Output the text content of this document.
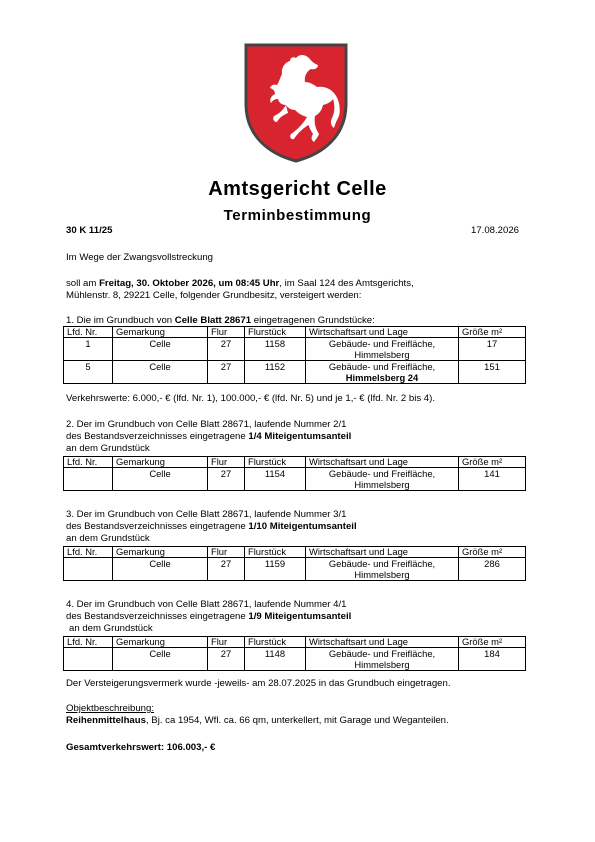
Amtsgericht Celle
Terminbestimmung
30 K 11/25	17.08.2026
Im Wege der Zwangsvollstreckung
soll am Freitag, 30. Oktober 2026, um 08:45 Uhr, im Saal 124 des Amtsgerichts,
Mühlenstr. 8, 29221 Celle, folgender Grundbesitz, versteigert werden:
1. Die im Grundbuch von Celle Blatt 28671 eingetragenen Grundstücke:
Lfd. Nr.	Gemarkung	Flur	Flurstück	Wirtschaftsart und Lage	Größe m²
1	Celle	27	1158	Gebäude- und Freifläche,
Himmelsberg	17
5	Celle	27	1152	Gebäude- und Freifläche,
Himmelsberg 24	151
Verkehrswerte: 6.000,- € (lfd. Nr. 1), 100.000,- € (lfd. Nr. 5) und je 1,- € (lfd. Nr. 2 bis 4).
2. Der im Grundbuch von Celle Blatt 28671, laufende Nummer 2/1
des Bestandsverzeichnisses eingetragene 1/4 Miteigentumsanteil
an dem Grundstück
Lfd. Nr.	Gemarkung	Flur	Flurstück	Wirtschaftsart und Lage	Größe m²
	Celle	27	1154	Gebäude- und Freifläche,
Himmelsberg	141
3. Der im Grundbuch von Celle Blatt 28671, laufende Nummer 3/1
des Bestandsverzeichnisses eingetragene 1/10 Miteigentumsanteil
an dem Grundstück
Lfd. Nr.	Gemarkung	Flur	Flurstück	Wirtschaftsart und Lage	Größe m²
	Celle	27	1159	Gebäude- und Freifläche,
Himmelsberg	286
4. Der im Grundbuch von Celle Blatt 28671, laufende Nummer 4/1
des Bestandsverzeichnisses eingetragene 1/9 Miteigentumsanteil
an dem Grundstück
Lfd. Nr.	Gemarkung	Flur	Flurstück	Wirtschaftsart und Lage	Größe m²
	Celle	27	1148	Gebäude- und Freifläche,
Himmelsberg	184
Der Versteigerungsvermerk wurde -jeweils- am 28.07.2025 in das Grundbuch eingetragen.
Objektbeschreibung:
Reihenmittelhaus, Bj. ca 1954, Wfl. ca. 66 qm, unterkellert, mit Garage und Weganteilen.
Gesamtverkehrswert: 106.003,- €
